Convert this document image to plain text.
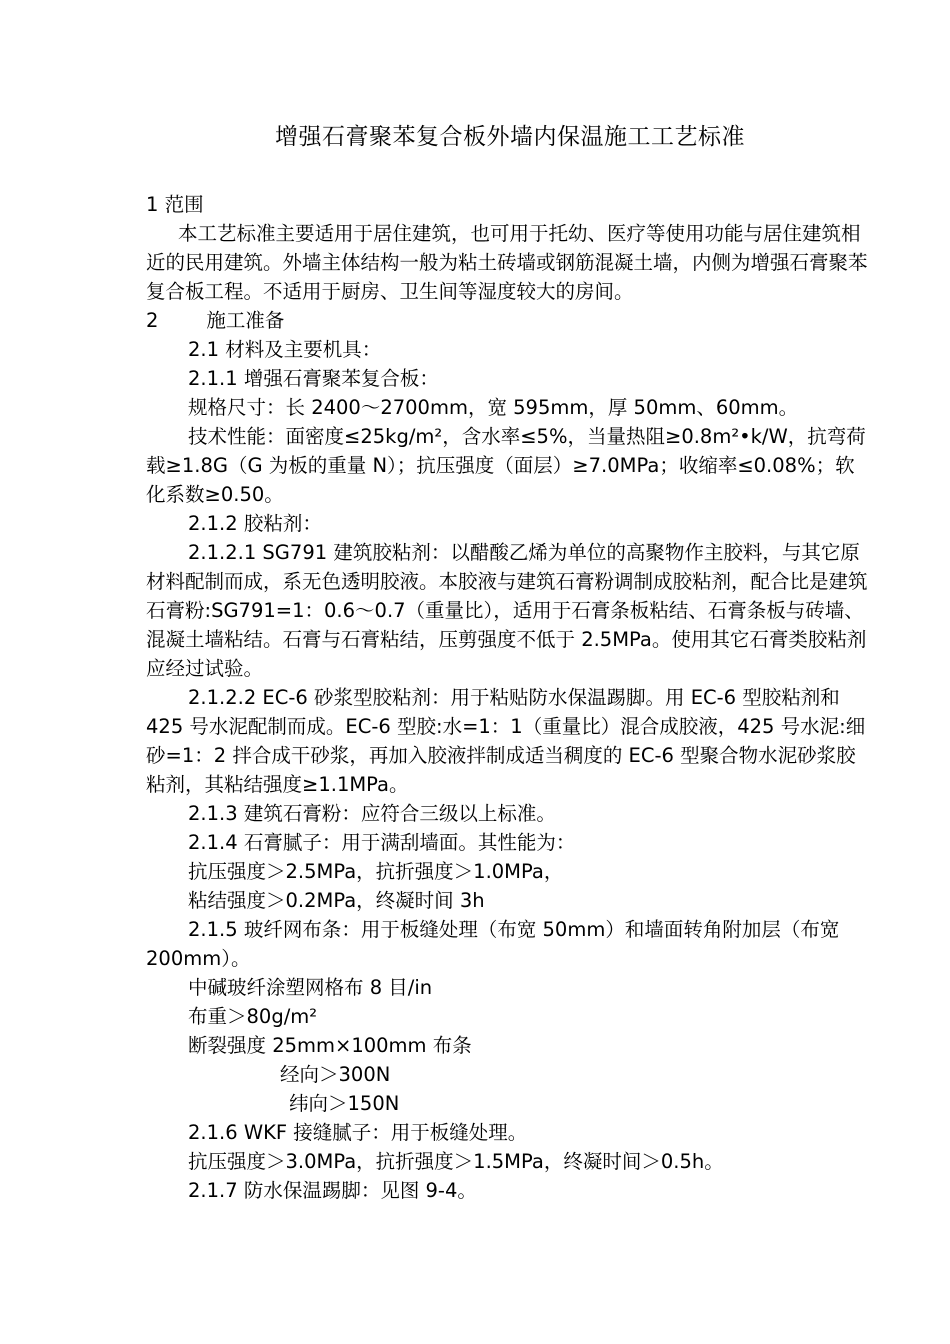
增强石膏聚苯复合板外墙内保温施工工艺标准

1 范围

本工艺标准主要适用于居住建筑，也可用于托幼、医疗等使用功能与居住建筑相近的民用建筑。外墙主体结构一般为粘土砖墙或钢筋混凝土墙，内侧为增强石膏聚苯复合板工程。不适用于厨房、卫生间等湿度较大的房间。

2 施工准备

2.1 材料及主要机具：

2.1.1 增强石膏聚苯复合板：

规格尺寸：长 2400～2700mm，宽 595mm，厚 50mm、60mm。

技术性能：面密度≤25kg/m²，含水率≤5%，当量热阻≥0.8m²•k/W，抗弯荷载≥1.8G（G 为板的重量 N）；抗压强度（面层）≥7.0MPa；收缩率≤0.08%；软化系数≥0.50。

2.1.2 胶粘剂：

2.1.2.1 SG791 建筑胶粘剂：以醋酸乙烯为单位的高聚物作主胶料，与其它原材料配制而成，系无色透明胶液。本胶液与建筑石膏粉调制成胶粘剂，配合比是建筑石膏粉:SG791=1：0.6～0.7（重量比），适用于石膏条板粘结、石膏条板与砖墙、混凝土墙粘结。石膏与石膏粘结，压剪强度不低于 2.5MPa。使用其它石膏类胶粘剂应经过试验。

2.1.2.2 EC-6 砂浆型胶粘剂：用于粘贴防水保温踢脚。用 EC-6 型胶粘剂和 425 号水泥配制而成。EC-6 型胶:水=1：1（重量比）混合成胶液，425 号水泥:细砂=1：2 拌合成干砂浆，再加入胶液拌制成适当稠度的 EC-6 型聚合物水泥砂浆胶粘剂，其粘结强度≥1.1MPa。

2.1.3 建筑石膏粉：应符合三级以上标准。

2.1.4 石膏腻子：用于满刮墙面。其性能为：

抗压强度＞2.5MPa，抗折强度＞1.0MPa，

粘结强度＞0.2MPa，终凝时间 3h

2.1.5 玻纤网布条：用于板缝处理（布宽 50mm）和墙面转角附加层（布宽 200mm）。

中碱玻纤涂塑网格布 8 目/in

布重＞80g/m²

断裂强度 25mm×100mm 布条

经向＞300N

纬向＞150N

2.1.6 WKF 接缝腻子：用于板缝处理。

抗压强度＞3.0MPa，抗折强度＞1.5MPa，终凝时间＞0.5h。

2.1.7 防水保温踢脚：见图 9-4。
